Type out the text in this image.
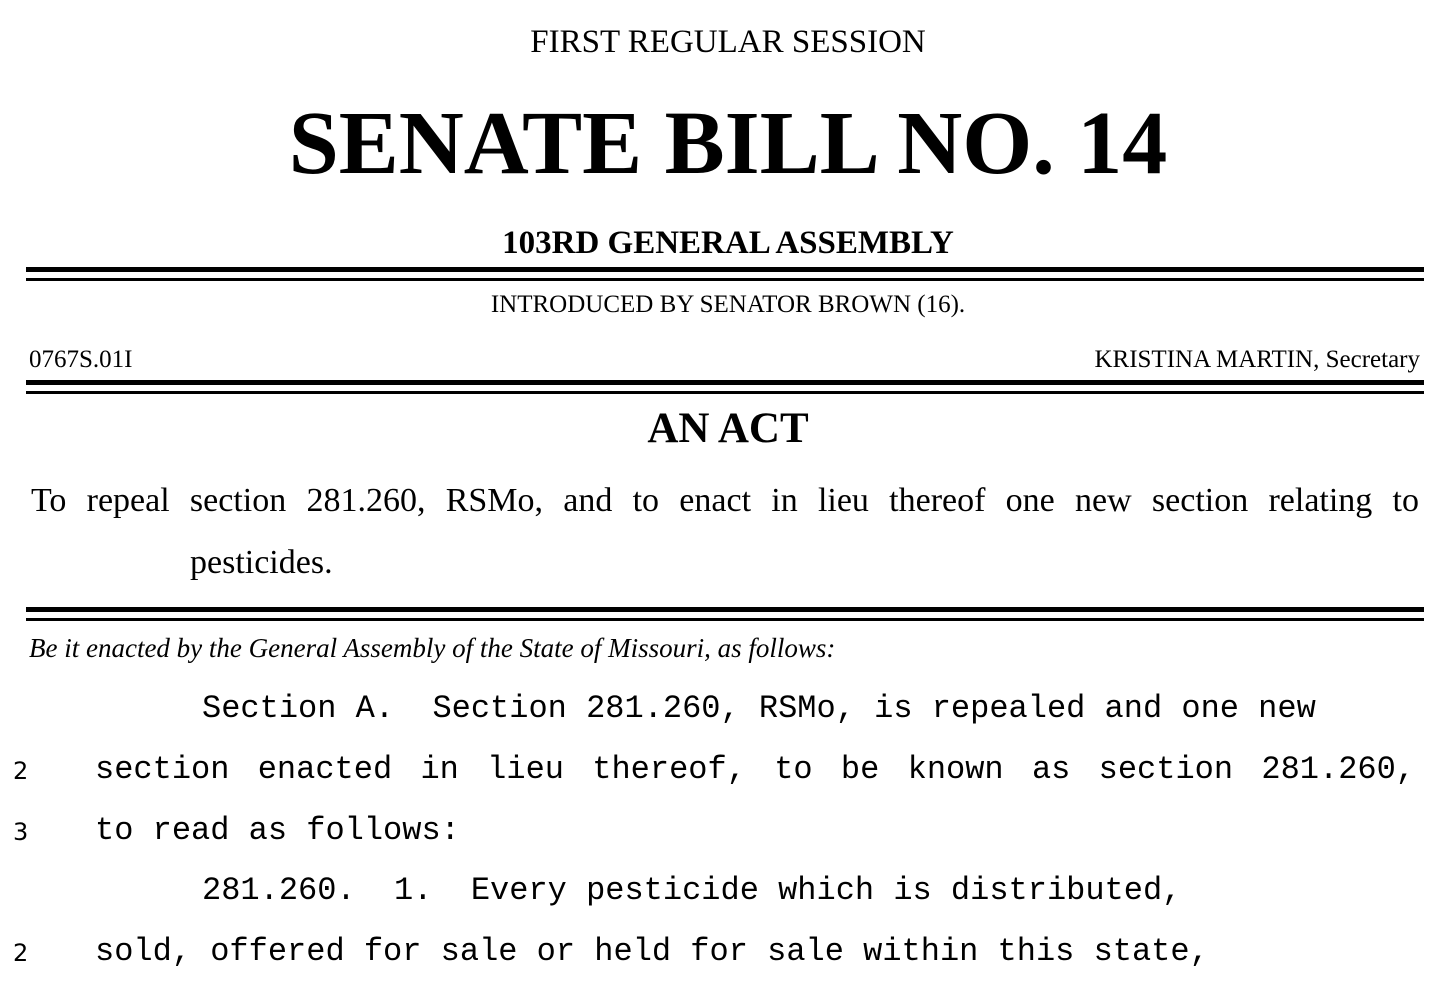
FIRST REGULAR SESSION
SENATE BILL NO. 14
103RD GENERAL ASSEMBLY
INTRODUCED BY SENATOR BROWN (16).
0767S.01I	KRISTINA MARTIN, Secretary
AN ACT
To repeal section 281.260, RSMo, and to enact in lieu thereof one new section relating to
pesticides.
Be it enacted by the General Assembly of the State of Missouri, as follows:
Section A.  Section 281.260, RSMo, is repealed and one new
2 section enacted in lieu thereof, to be known as section 281.260,
3 to read as follows:
281.260.  1.  Every pesticide which is distributed,
2 sold, offered for sale or held for sale within this state,
